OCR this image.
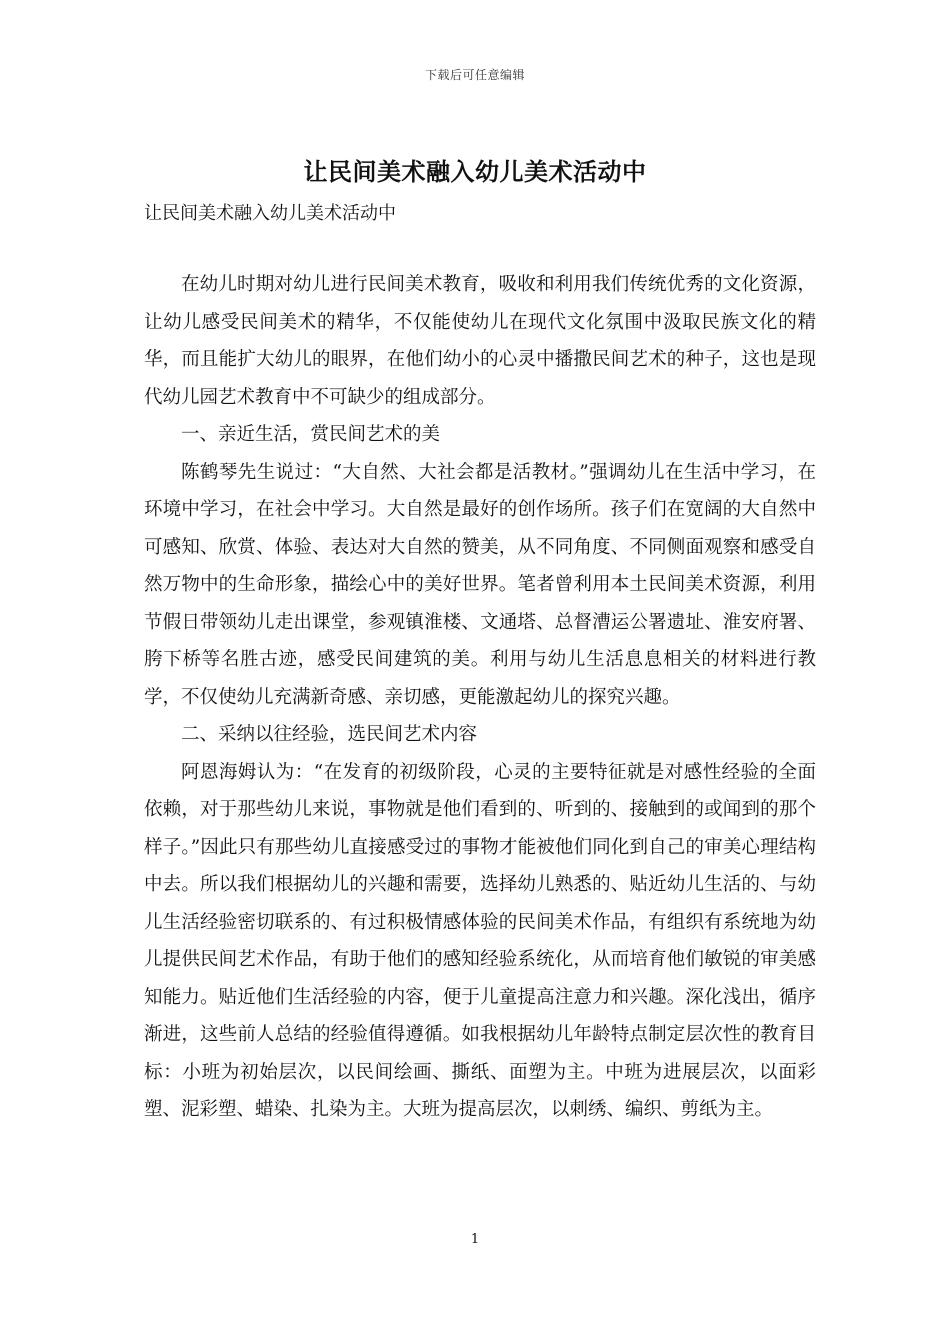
下载后可任意编辑
让民间美术融入幼儿美术活动中
让民间美术融入幼儿美术活动中

在幼儿时期对幼儿进行民间美术教育，吸收和利用我们传统优秀的文化资源，让幼儿感受民间美术的精华，不仅能使幼儿在现代文化氛围中汲取民族文化的精华，而且能扩大幼儿的眼界，在他们幼小的心灵中播撒民间艺术的种子，这也是现代幼儿园艺术教育中不可缺少的组成部分。

一、亲近生活，赏民间艺术的美

陈鹤琴先生说过：“大自然、大社会都是活教材。”强调幼儿在生活中学习，在环境中学习，在社会中学习。大自然是最好的创作场所。孩子们在宽阔的大自然中可感知、欣赏、体验、表达对大自然的赞美，从不同角度、不同侧面观察和感受自然万物中的生命形象，描绘心中的美好世界。笔者曾利用本土民间美术资源，利用节假日带领幼儿走出课堂，参观镇淮楼、文通塔、总督漕运公署遗址、淮安府署、胯下桥等名胜古迹，感受民间建筑的美。利用与幼儿生活息息相关的材料进行教学，不仅使幼儿充满新奇感、亲切感，更能激起幼儿的探究兴趣。

二、采纳以往经验，选民间艺术内容

阿恩海姆认为：“在发育的初级阶段，心灵的主要特征就是对感性经验的全面依赖，对于那些幼儿来说，事物就是他们看到的、听到的、接触到的或闻到的那个样子。”因此只有那些幼儿直接感受过的事物才能被他们同化到自己的审美心理结构中去。所以我们根据幼儿的兴趣和需要，选择幼儿熟悉的、贴近幼儿生活的、与幼儿生活经验密切联系的、有过积极情感体验的民间美术作品，有组织有系统地为幼儿提供民间艺术作品，有助于他们的感知经验系统化，从而培育他们敏锐的审美感知能力。贴近他们生活经验的内容，便于儿童提高注意力和兴趣。深化浅出，循序渐进，这些前人总结的经验值得遵循。如我根据幼儿年龄特点制定层次性的教育目标：小班为初始层次，以民间绘画、撕纸、面塑为主。中班为进展层次，以面彩塑、泥彩塑、蜡染、扎染为主。大班为提高层次，以刺绣、编织、剪纸为主。

1
